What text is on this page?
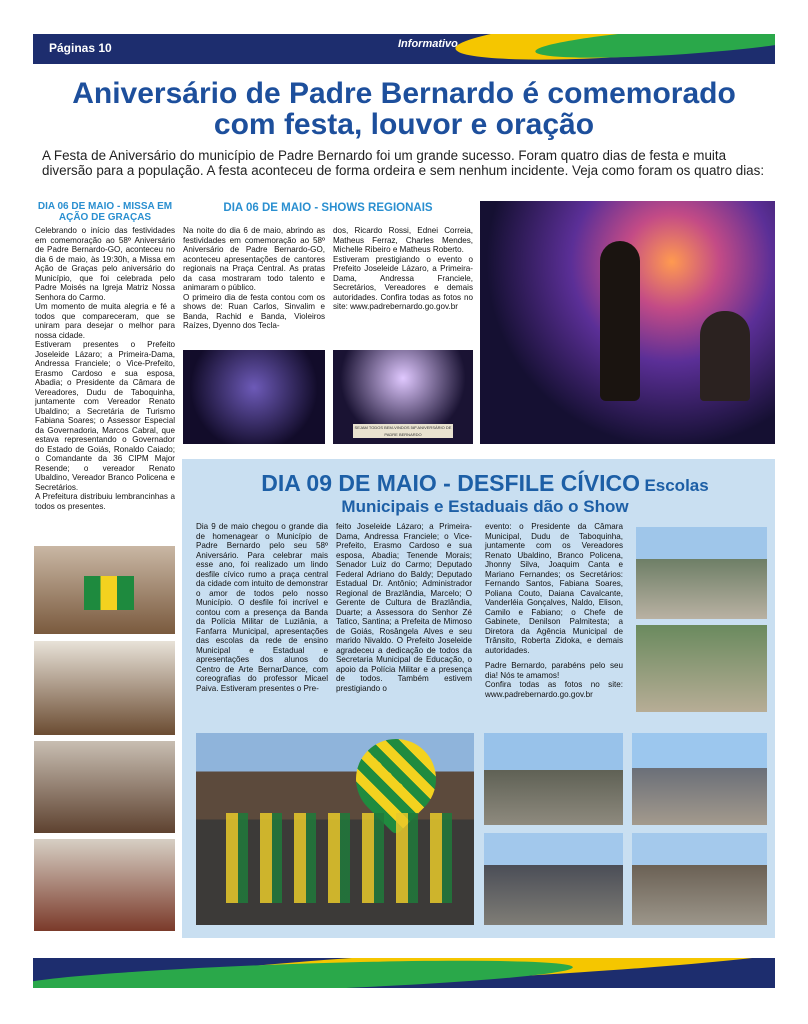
Páginas 10	Informativo
Aniversário de Padre Bernardo é comemorado
com festa, louvor e oração
A Festa de Aniversário do município de Padre Bernardo foi um grande sucesso. Foram quatro dias de festa e muita diversão para a população. A festa aconteceu de forma ordeira e sem nenhum incidente. Veja como foram os quatro dias:
DIA 06 DE MAIO - MISSA EM AÇÃO DE GRAÇAS

Celebrando o início das festividades em comemoração ao 58º Aniversário de Padre Bernardo-GO, aconteceu no dia 6 de maio, às 19:30h, a Missa em Ação de Graças pelo aniversário do Município, que foi celebrada pelo Padre Moisés na Igreja Matriz Nossa Senhora do Carmo.

Um momento de muita alegria e fé a todos que compareceram, que se uniram para desejar o melhor para nossa cidade.

Estiveram presentes o Prefeito Joseleide Lázaro; a Primeira-Dama, Andressa Franciele; o Vice-Prefeito, Erasmo Cardoso e sua esposa, Abadia; o Presidente da Câmara de Vereadores, Dudu de Taboquinha, juntamente com Vereador Renato Ubaldino; a Secretária de Turismo Fabiana Soares; o Assessor Especial da Governadoria, Marcos Cabral, que estava representando o Governador do Estado de Goiás, Ronaldo Caiado; o Comandante da 36 CIPM Major Resende; o vereador Renato Ubaldino, Vereador Branco Policena e Secretários.

A Prefeitura distribuiu lembrancinhas a todos os presentes.

DIA 06 DE MAIO - SHOWS REGIONAIS

Na noite do dia 6 de maio, abrindo as festividades em comemoração ao 58º Aniversário de Padre Bernardo-GO, aconteceu apresentações de cantores regionais na Praça Central. As pratas da casa mostraram todo talento e animaram o público.

O primeiro dia de festa contou com os shows de: Ruan Carlos, Sinvalim e Banda, Rachid e Banda, Violeiros Raízes, Dyenno dos Tecla-

dos, Ricardo Rossi, Ednei Correia, Matheus Ferraz, Charles Mendes, Michelle Ribeiro e Matheus Roberto.

Estiveram prestigiando o evento o Prefeito Joseleide Lázaro, a Primeira-Dama, Andressa Franciele, Secretários, Vereadores e demais autoridades. Confira todas as fotos no site: www.padrebernardo.go.gov.br

SEJAM TODOS BEM-VINDOS 58º ANIVERSÁRIO DE PADRE BERNARDO
DIA 09 DE MAIO - DESFILE CÍVICO Escolas
Municipais e Estaduais dão o Show
Dia 9 de maio chegou o grande dia de homenagear o Município de Padre Bernardo pelo seu 58º Aniversário. Para celebrar mais esse ano, foi realizado um lindo desfile cívico rumo a praça central da cidade com intuito de demonstrar o amor de todos pelo nosso Município. O desfile foi incrível e contou com a presença da Banda da Polícia Militar de Luziânia, a Fanfarra Municipal, apresentações das escolas da rede de ensino Municipal e Estadual e apresentações dos alunos do Centro de Arte BernarDance, com coreografias do professor Micael Paiva. Estiveram presentes o Pre-
feito Joseleide Lázaro; a Primeira-Dama, Andressa Franciele; o Vice-Prefeito, Erasmo Cardoso e sua esposa, Abadia; Tenende Morais; Senador Luiz do Carmo; Deputado Federal Adriano do Baldy; Deputado Estadual Dr. Antônio; Administrador Regional de Brazlândia, Marcelo; O Gerente de Cultura de Brazlândia, Duarte; a Assessora do Senhor Zé Tatico, Santina; a Prefeita de Mimoso de Goiás, Rosângela Alves e seu marido Nivaldo. O Prefeito Joseleide agradeceu a dedicação de todos da Secretaria Municipal de Educação, o apoio da Polícia Militar e a presença de todos. Também estivem prestigiando o

evento: o Presidente da Câmara Municipal, Dudu de Taboquinha, juntamente com os Vereadores Renato Ubaldino, Branco Policena, Jhonny Silva, Joaquim Canta e Mariano Fernandes; os Secretários: Fernando Santos, Fabiana Soares, Poliana Couto, Daiana Cavalcante, Vanderléia Gonçalves, Naldo, Elison, Camilo e Fabiano; o Chefe de Gabinete, Denilson Palmitesta; a Diretora da Agência Municipal de Trânsito, Roberta Zidoka, e demais autoridades.

Padre Bernardo, parabéns pelo seu dia! Nós te amamos!

Confira todas as fotos no site: www.padrebernardo.go.gov.br
